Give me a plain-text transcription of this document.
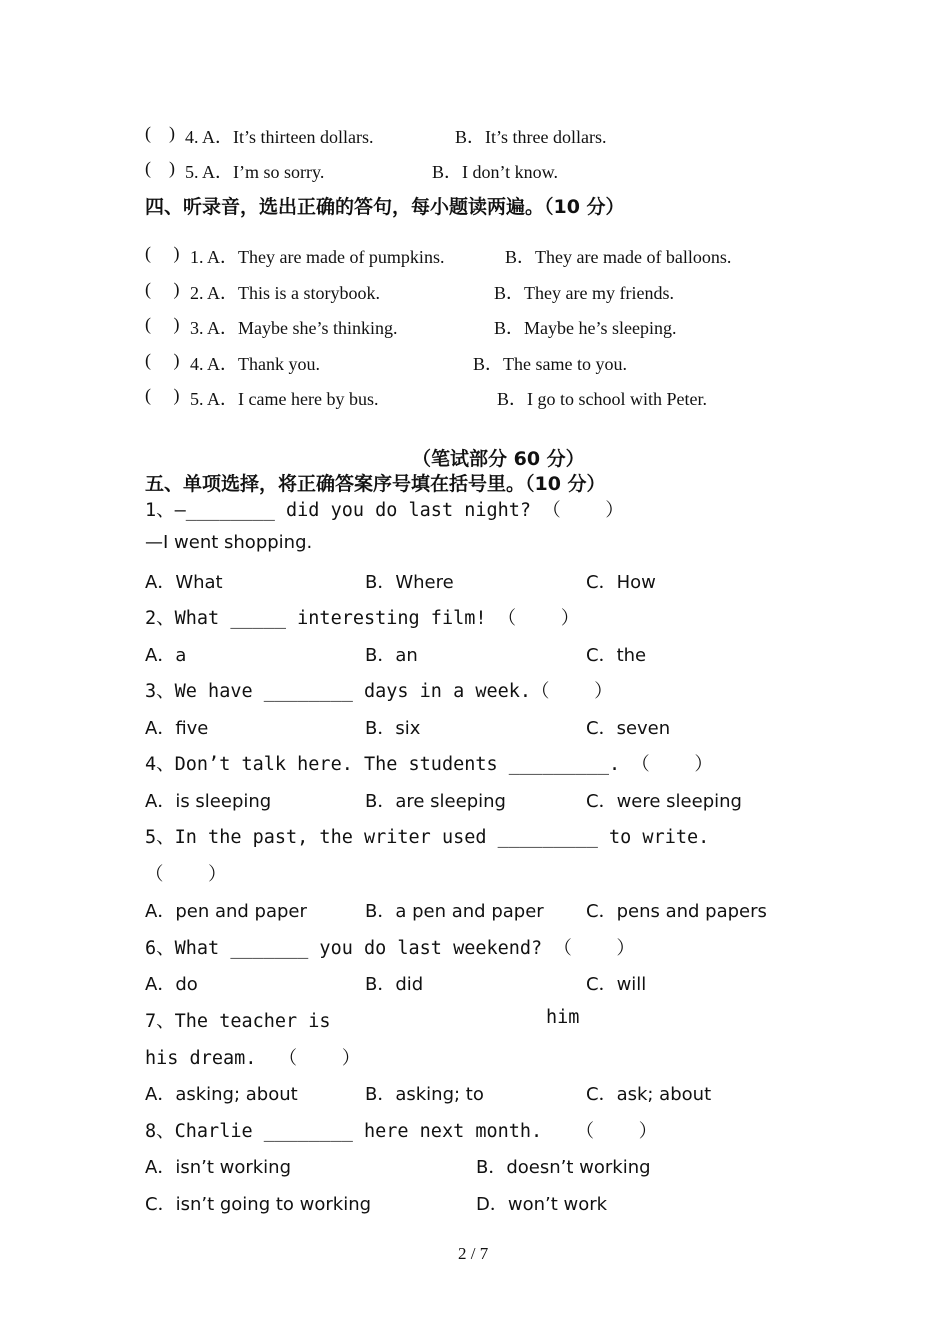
(    ) 4. A．It’s thirteen dollars.	B．It’s three dollars.
(    ) 5. A．I’m so sorry.	B．I don’t know.
四、听录音，选出正确的答句，每小题读两遍。（10 分）
(     ) 1. A．They are made of pumpkins.	B．They are made of balloons.
(     ) 2. A．This is a storybook.	B．They are my friends.
(     ) 3. A．Maybe she’s thinking.	B．Maybe he’s sleeping.
(     ) 4. A．Thank you.	B．The same to you.
(     ) 5. A．I came here by bus.	B．I go to school with Peter.
（笔试部分 60 分）
五、单项选择，将正确答案序号填在括号里。（10 分）
1、—________ did you do last night? （    ）
—I went shopping.
A．What	B．Where	C．How
2、What _____ interesting film! （    ）
A．a	B．an	C．the
3、We have ________ days in a week.（    ）
A．five	B．six	C．seven
4、Don’t talk here. The students _________. （    ）
A．is sleeping	B．are sleeping	C．were sleeping
5、In the past, the writer used _________ to write.
（    ）
A．pen and paper	B．a pen and paper C．pens and papers
6、What _______ you do last weekend? （    ）
A．do	B．did	C．will
7、The teacher is	him
his dream.  （    ）
A．asking; about	B．asking; to	C．ask; about
8、Charlie ________ here next month.   （    ）
A．isn’t working	B．doesn’t working
C．isn’t going to working	D．won’t work
2 / 7
